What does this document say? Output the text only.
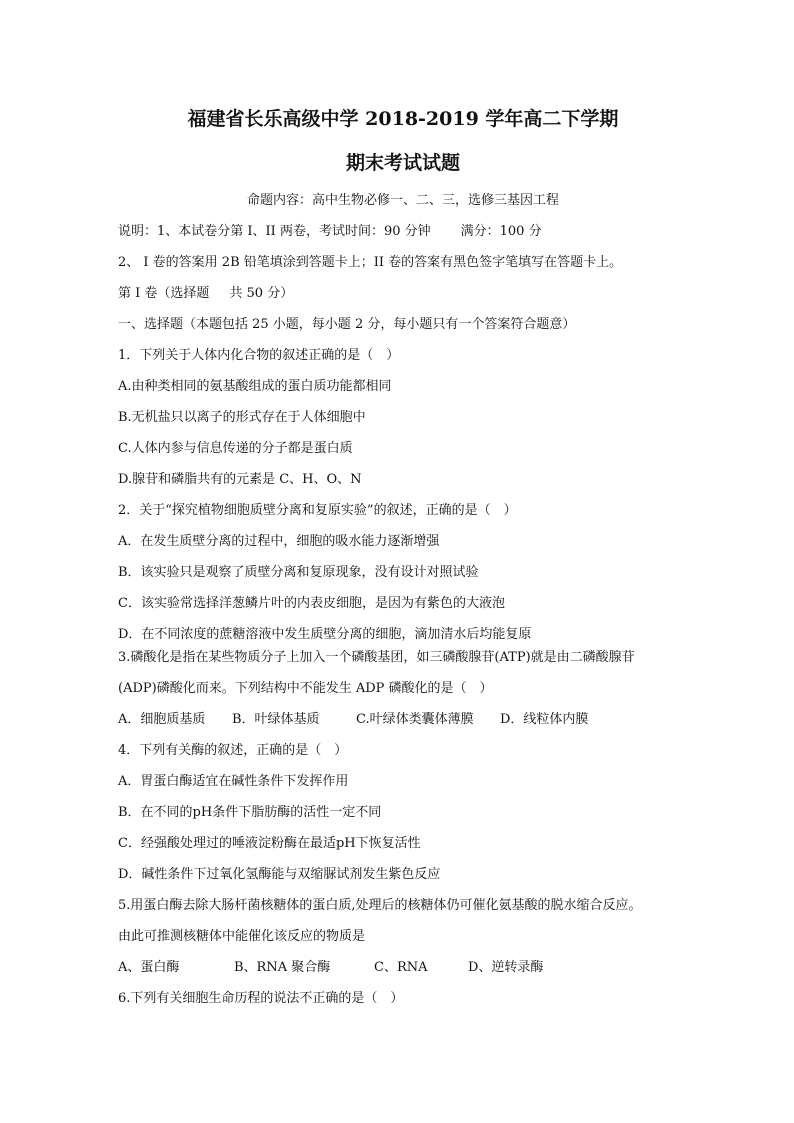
福建省长乐高级中学 2018-2019 学年高二下学期
期末考试试题
命题内容：高中生物必修一、二、三，选修三基因工程
说明：1、本试卷分第 I、II 两卷，考试时间：90 分钟 满分：100 分
2、 I 卷的答案用 2B 铅笔填涂到答题卡上；II 卷的答案有黑色签字笔填写在答题卡上。
第 I 卷（选择题 共 50 分）
一、选择题（本题包括 25 小题，每小题 2 分，每小题只有一个答案符合题意）
1．下列关于人体内化合物的叙述正确的是（　）
A.由种类相同的氨基酸组成的蛋白质功能都相同
B.无机盐只以离子的形式存在于人体细胞中
C.人体内参与信息传递的分子都是蛋白质
D.腺苷和磷脂共有的元素是 C、H、O、N
2．关于“探究植物细胞质壁分离和复原实验”的叙述，正确的是（　）
A．在发生质壁分离的过程中，细胞的吸水能力逐渐增强
B．该实验只是观察了质壁分离和复原现象，没有设计对照试验
C．该实验常选择洋葱鳞片叶的内表皮细胞，是因为有紫色的大液泡
D．在不同浓度的蔗糖溶液中发生质壁分离的细胞，滴加清水后均能复原
3.磷酸化是指在某些物质分子上加入一个磷酸基团，如三磷酸腺苷(ATP)就是由二磷酸腺苷
(ADP)磷酸化而来。下列结构中不能发生 ADP 磷酸化的是（　）
A．细胞质基质 B．叶绿体基质	C.叶绿体类囊体薄膜 D．线粒体内膜
4．下列有关酶的叙述，正确的是（　）
A．胃蛋白酶适宜在碱性条件下发挥作用
B．在不同的pH条件下脂肪酶的活性一定不同
C．经强酸处理过的唾液淀粉酶在最适pH下恢复活性
D．碱性条件下过氧化氢酶能与双缩脲试剂发生紫色反应
5.用蛋白酶去除大肠杆菌核糖体的蛋白质,处理后的核糖体仍可催化氨基酸的脱水缩合反应。
由此可推测核糖体中能催化该反应的物质是
A、蛋白酶	B、RNA 聚合酶	C、RNA	D、逆转录酶
6.下列有关细胞生命历程的说法不正确的是（　）
